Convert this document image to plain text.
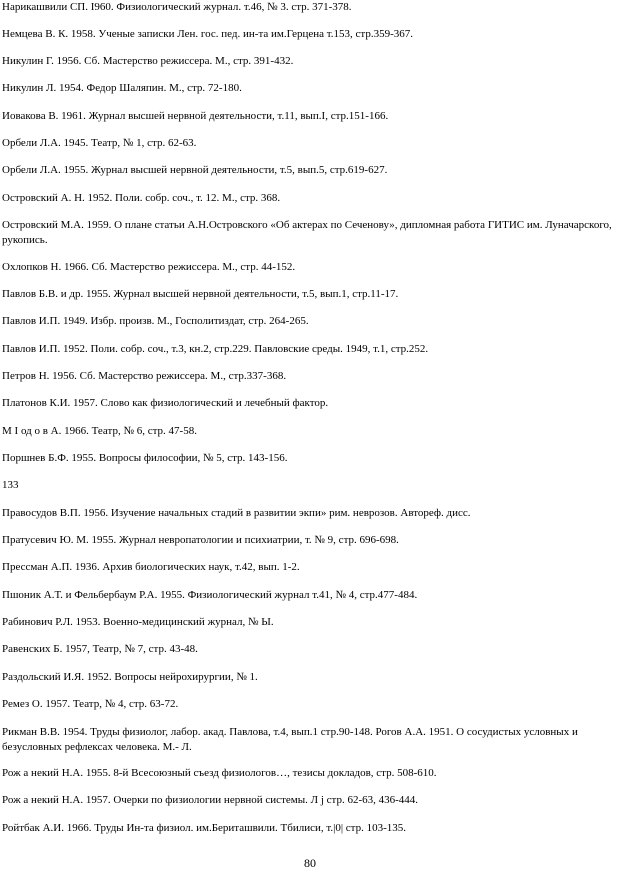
Нарикашвили СП. I960. Физиологический журнал. т.46, № 3. стр. 371-378.

Немцева В. К. 1958. Ученые записки Лен. гос. пед. ин-та им.Герцена т.153, стр.359-367.

Никулин Г. 1956. Сб. Мастерство режиссера. М., стр. 391-432.

Никулин Л. 1954. Федор Шаляпин. М., стр. 72-180.

Иовакова В. 1961. Журнал высшей нервной деятельности, т.11, вып.I, стр.151-166.

Орбели Л.А. 1945. Театр, № 1, стр. 62-63.

Орбели Л.А. 1955. Журнал высшей нервной деятельности, т.5, вып.5, стр.619-627.

Островский А. Н. 1952. Поли. собр. соч., т. 12. М., стр. 368.

Островский М.А. 1959. О плане статьи А.Н.Островского «Об актерах по Сеченову», дипломная работа ГИТИС им. Луначарского, рукопись.

Охлопков Н. 1966. Сб. Мастерство режиссера. М., стр. 44-152.

Павлов Б.В. и др. 1955. Журнал высшей нервной деятельности, т.5, вып.1, стр.11-17.

Павлов И.П. 1949. Избр. произв. М., Госполитиздат, стр. 264-265.

Павлов И.П. 1952. Поли. собр. соч., т.3, кн.2, стр.229. Павловские среды. 1949, т.1, стр.252.

Петров Н. 1956. Сб. Мастерство режиссера. М., стр.337-368.

Платонов К.И. 1957. Слово как физиологический и лечебный фактор.

М I од о в А. 1966. Театр, № 6, стр. 47-58.

Поршнев Б.Ф. 1955. Вопросы философии, № 5, стр. 143-156.

133

Правосудов В.П. 1956. Изучение начальных стадий в развитии экпи» рим. неврозов. Автореф. дисс.

Пратусевич Ю. М. 1955. Журнал невропатологии и психиатрии, т. № 9, стр. 696-698.

Прессман А.П. 1936. Архив биологических наук, т.42, вып. 1-2.

Пшоник А.Т. и Фельбербаум Р.А. 1955. Физиологический журнал т.41, № 4, стр.477-484.

Рабинович Р.Л. 1953. Военно-медицинский журнал, № Ы.

Равенских Б. 1957, Театр, № 7, стр. 43-48.

Раздольский И.Я. 1952. Вопросы нейрохирургии, № 1.

Ремез О. 1957. Театр, № 4, стр. 63-72.

Рикман В.В. 1954. Труды физиолог, лабор. акад. Павлова, т.4, вып.1 стр.90-148. Рогов А.А. 1951. О сосудистых условных и безусловных рефлексах человека. М.- Л.

Рож а некий Н.А. 1955. 8-й Всесоюзный съезд физиологов…, тезисы докладов, стр. 508-610.

Рож а некий Н.А. 1957. Очерки по физиологии нервной системы. Л j стр. 62-63, 436-444.

Ройтбак А.И. 1966. Труды Ин-та физиол. им.Бериташвили. Тбилиси, т.|0| стр. 103-135.

80
